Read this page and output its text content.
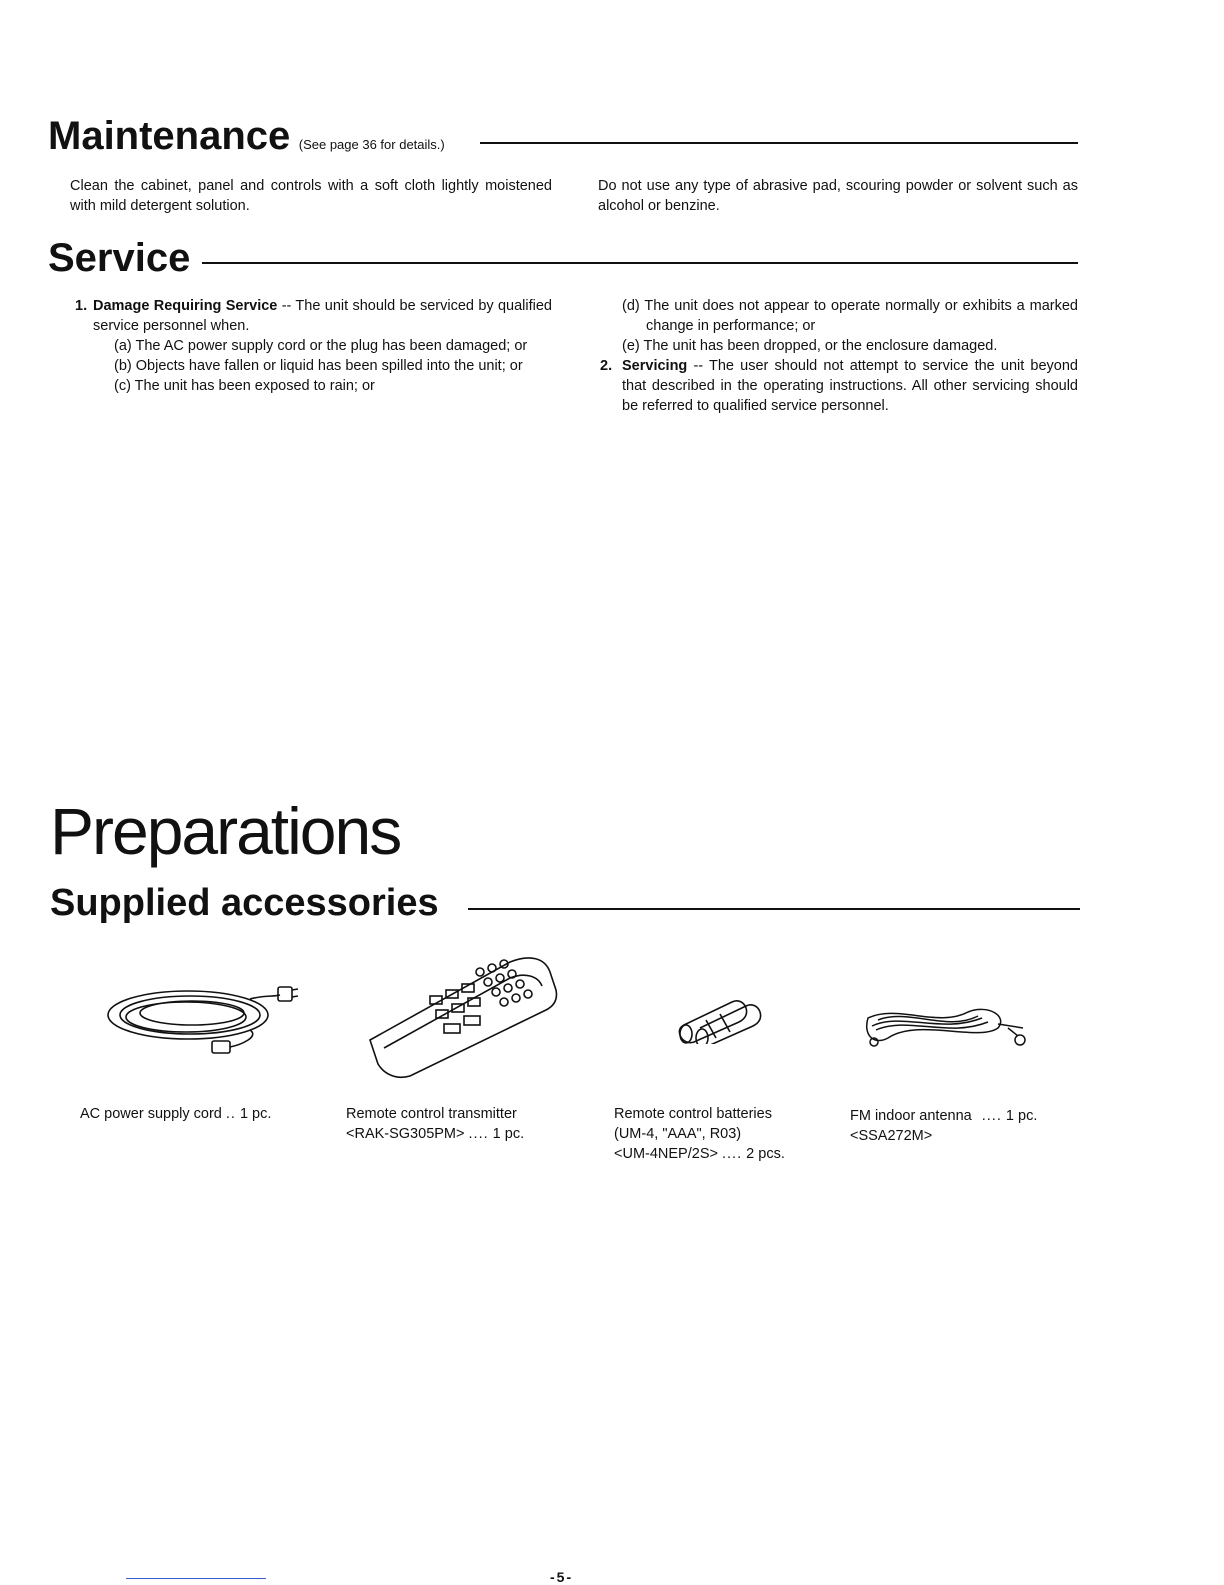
Maintenance (See page 36 for details.)

Clean the cabinet, panel and controls with a soft cloth lightly moistened with mild detergent solution.

Do not use any type of abrasive pad, scouring powder or solvent such as alcohol or benzine.

Service
1. Damage Requiring Service -- The unit should be serviced by qualified service personnel when.
(a) The AC power supply cord or the plug has been damaged; or
(b) Objects have fallen or liquid has been spilled into the unit; or
(c) The unit has been exposed to rain; or
(d) The unit does not appear to operate normally or exhibits a marked change in performance; or
(e) The unit has been dropped, or the enclosure damaged.
2. Servicing -- The user should not attempt to service the unit beyond that described in the operating instructions. All other servicing should be referred to qualified service personnel.
Preparations
Supplied accessories
AC power supply cord .. 1 pc.	Remote control transmitter
<RAK-SG305PM> .... 1 pc.
Remote control batteries
(UM-4, "AAA", R03)
<UM-4NEP/2S> .... 2 pcs.
FM indoor antenna .... 1 pc.
<SSA272M>
-5-
